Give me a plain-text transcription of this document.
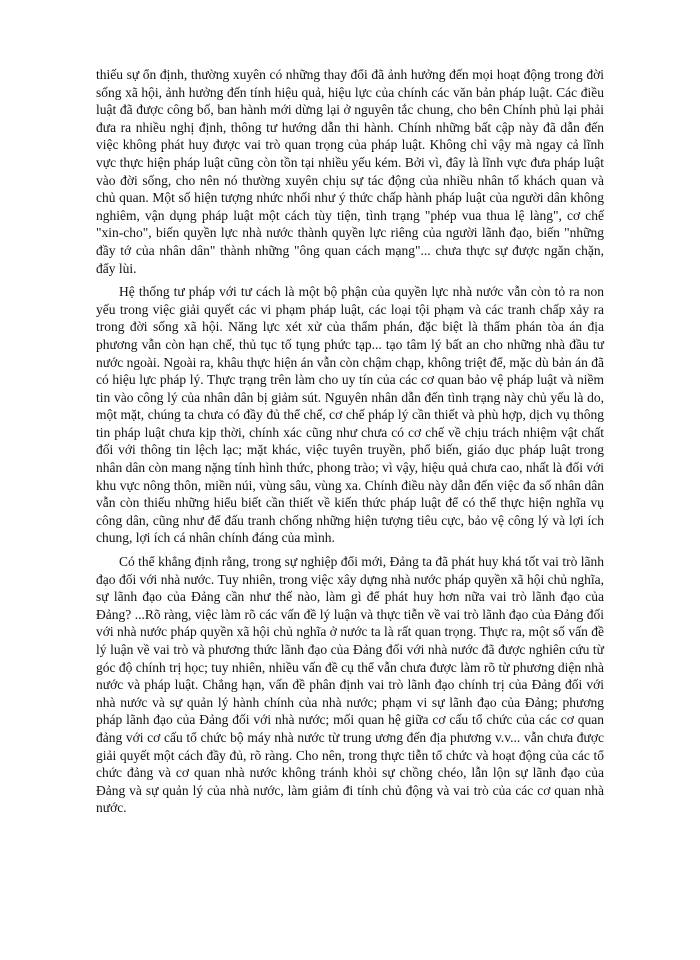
thiếu sự ổn định, thường xuyên có những thay đổi đã ảnh hưởng đến mọi hoạt động trong đời sống xã hội, ảnh hưởng đến tính hiệu quả, hiệu lực của chính các văn bản pháp luật. Các điều luật đã được công bố, ban hành mới dừng lại ở nguyên tắc chung, cho bên Chính phủ lại phải đưa ra nhiều nghị định, thông tư hướng dẫn thi hành. Chính những bất cập này đã dẫn đến việc không phát huy được vai trò quan trọng của pháp luật. Không chỉ vậy mà ngay cả lĩnh vực thực hiện pháp luật cũng còn tồn tại nhiều yếu kém. Bởi vì, đây là lĩnh vực đưa pháp luật vào đời sống, cho nên nó thường xuyên chịu sự tác động của nhiều nhân tố khách quan và chủ quan. Một số hiện tượng nhức nhối như ý thức chấp hành pháp luật của người dân không nghiêm, vận dụng pháp luật một cách tùy tiện, tình trạng "phép vua thua lệ làng", cơ chế "xin-cho", biến quyền lực nhà nước thành quyền lực riêng của người lãnh đạo, biến "những đầy tớ của nhân dân" thành những "ông quan cách mạng"... chưa thực sự được ngăn chặn, đẩy lùi.

Hệ thống tư pháp với tư cách là một bộ phận của quyền lực nhà nước vẫn còn tỏ ra non yếu trong việc giải quyết các vi phạm pháp luật, các loại tội phạm và các tranh chấp xảy ra trong đời sống xã hội. Năng lực xét xử của thẩm phán, đặc biệt là thẩm phán tòa án địa phương vẫn còn hạn chế, thủ tục tố tụng phức tạp... tạo tâm lý bất an cho những nhà đầu tư nước ngoài. Ngoài ra, khâu thực hiện án vẫn còn chậm chạp, không triệt để, mặc dù bản án đã có hiệu lực pháp lý. Thực trạng trên làm cho uy tín của các cơ quan bảo vệ pháp luật và niềm tin vào công lý của nhân dân bị giảm sút. Nguyên nhân dẫn đến tình trạng này chủ yếu là do, một mặt, chúng ta chưa có đầy đủ thể chế, cơ chế pháp lý cần thiết và phù hợp, dịch vụ thông tin pháp luật chưa kịp thời, chính xác cũng như chưa có cơ chế về chịu trách nhiệm vật chất đối với thông tin lệch lạc; mặt khác, việc tuyên truyền, phổ biến, giáo dục pháp luật trong nhân dân còn mang nặng tính hình thức, phong trào; vì vậy, hiệu quả chưa cao, nhất là đối với khu vực nông thôn, miền núi, vùng sâu, vùng xa. Chính điều này dẫn đến việc đa số nhân dân vẫn còn thiếu những hiểu biết cần thiết về kiến thức pháp luật để có thể thực hiện nghĩa vụ công dân, cũng như để đấu tranh chống những hiện tượng tiêu cực, bảo vệ công lý và lợi ích chung, lợi ích cá nhân chính đáng của mình.

Có thể khẳng định rằng, trong sự nghiệp đổi mới, Đảng ta đã phát huy khá tốt vai trò lãnh đạo đối với nhà nước. Tuy nhiên, trong việc xây dựng nhà nước pháp quyền xã hội chủ nghĩa, sự lãnh đạo của Đảng cần như thế nào, làm gì để phát huy hơn nữa vai trò lãnh đạo của Đảng? ...Rõ ràng, việc làm rõ các vấn đề lý luận và thực tiễn về vai trò lãnh đạo của Đảng đối với nhà nước pháp quyền xã hội chủ nghĩa ở nước ta là rất quan trọng. Thực ra, một số vấn đề lý luận về vai trò và phương thức lãnh đạo của Đảng đối với nhà nước đã được nghiên cứu từ góc độ chính trị học; tuy nhiên, nhiều vấn đề cụ thể vẫn chưa được làm rõ từ phương diện nhà nước và pháp luật. Chẳng hạn, vấn đề phân định vai trò lãnh đạo chính trị của Đảng đối với nhà nước và sự quản lý hành chính của nhà nước; phạm vi sự lãnh đạo của Đảng; phương pháp lãnh đạo của Đảng đối với nhà nước; mối quan hệ giữa cơ cấu tổ chức của các cơ quan đảng với cơ cấu tổ chức bộ máy nhà nước từ trung ương đến địa phương v.v... vẫn chưa được giải quyết một cách đầy đủ, rõ ràng. Cho nên, trong thực tiễn tổ chức và hoạt động của các tổ chức đảng và cơ quan nhà nước không tránh khỏi sự chồng chéo, lẫn lộn sự lãnh đạo của Đảng và sự quản lý của nhà nước, làm giảm đi tính chủ động và vai trò của các cơ quan nhà nước.
